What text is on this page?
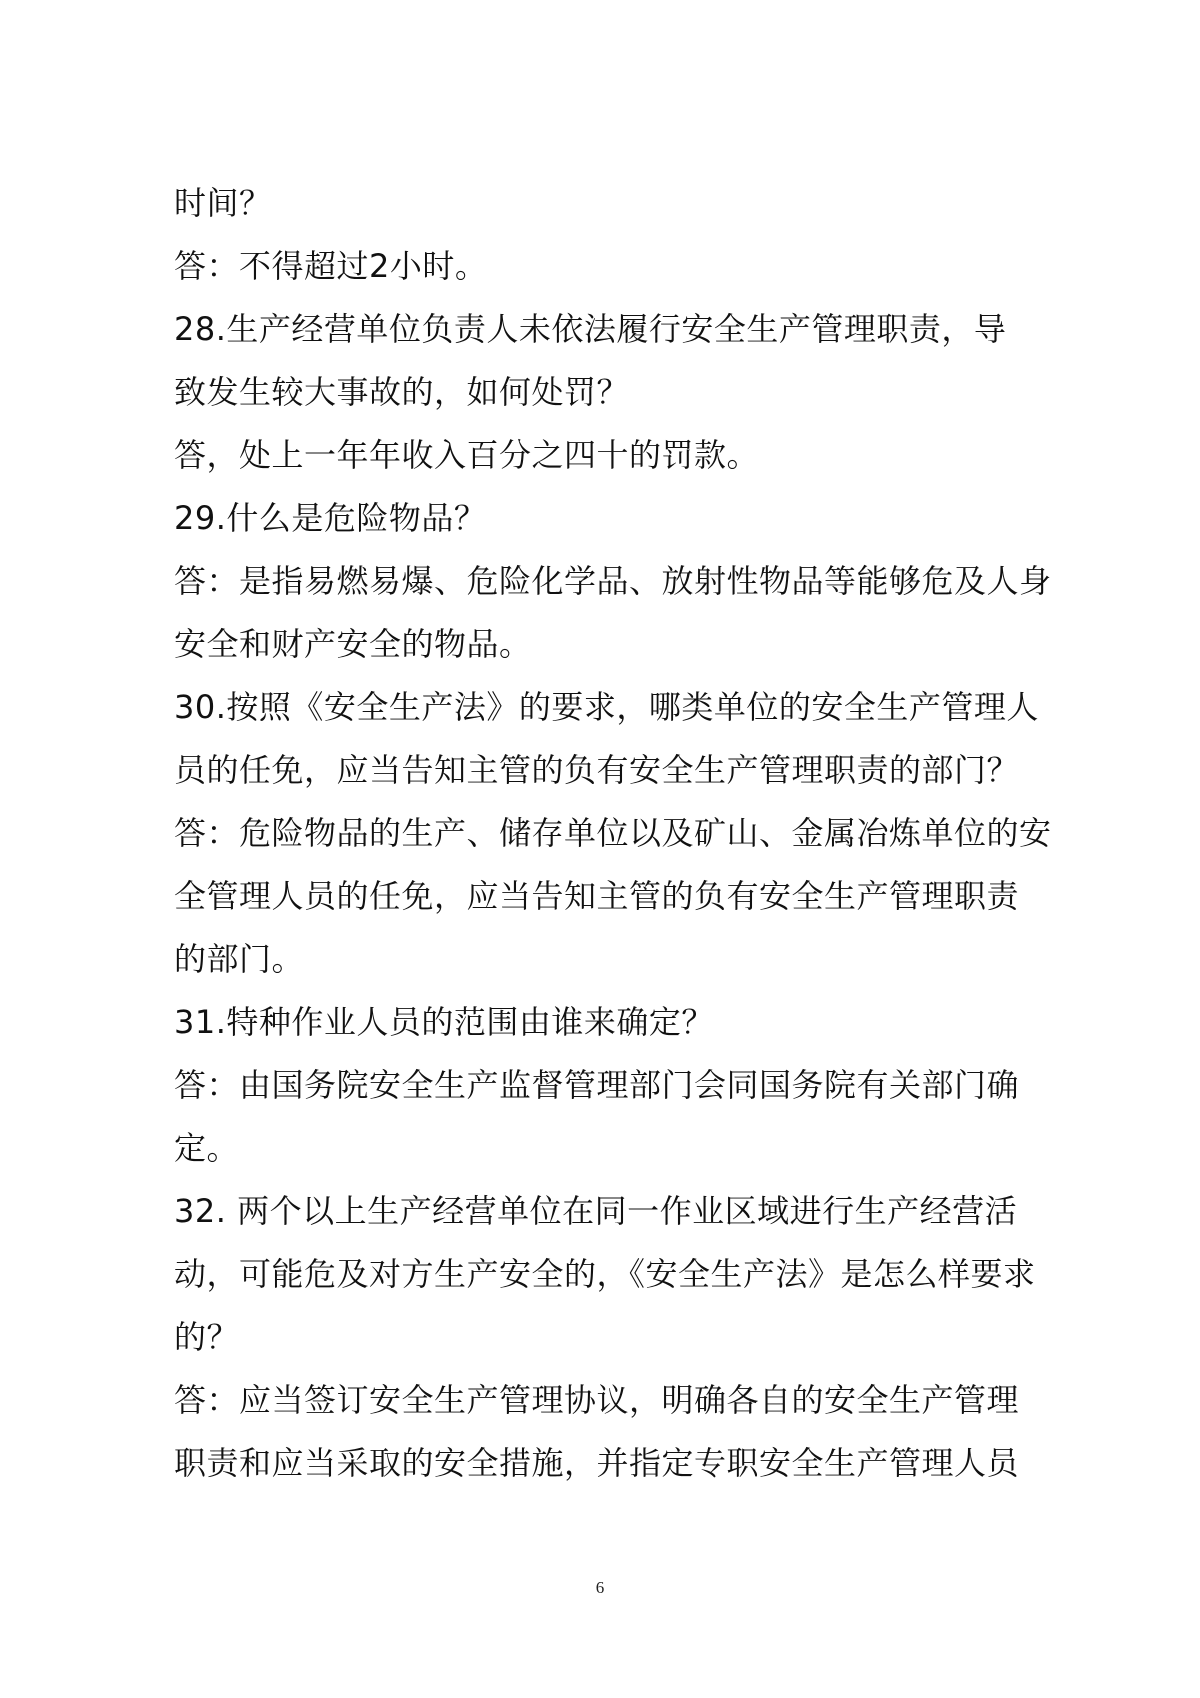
时间？
答：不得超过2小时。
28.生产经营单位负责人未依法履行安全生产管理职责，导
致发生较大事故的，如何处罚？
答，处上一年年收入百分之四十的罚款。
29.什么是危险物品？
答：是指易燃易爆、危险化学品、放射性物品等能够危及人身
安全和财产安全的物品。
30.按照《安全生产法》的要求，哪类单位的安全生产管理人
员的任免，应当告知主管的负有安全生产管理职责的部门？
答：危险物品的生产、储存单位以及矿山、金属冶炼单位的安
全管理人员的任免，应当告知主管的负有安全生产管理职责
的部门。
31.特种作业人员的范围由谁来确定？
答：由国务院安全生产监督管理部门会同国务院有关部门确
定。
32. 两个以上生产经营单位在同一作业区域进行生产经营活
动，可能危及对方生产安全的，《安全生产法》是怎么样要求
的？
答：应当签订安全生产管理协议，明确各自的安全生产管理
职责和应当采取的安全措施，并指定专职安全生产管理人员
6
